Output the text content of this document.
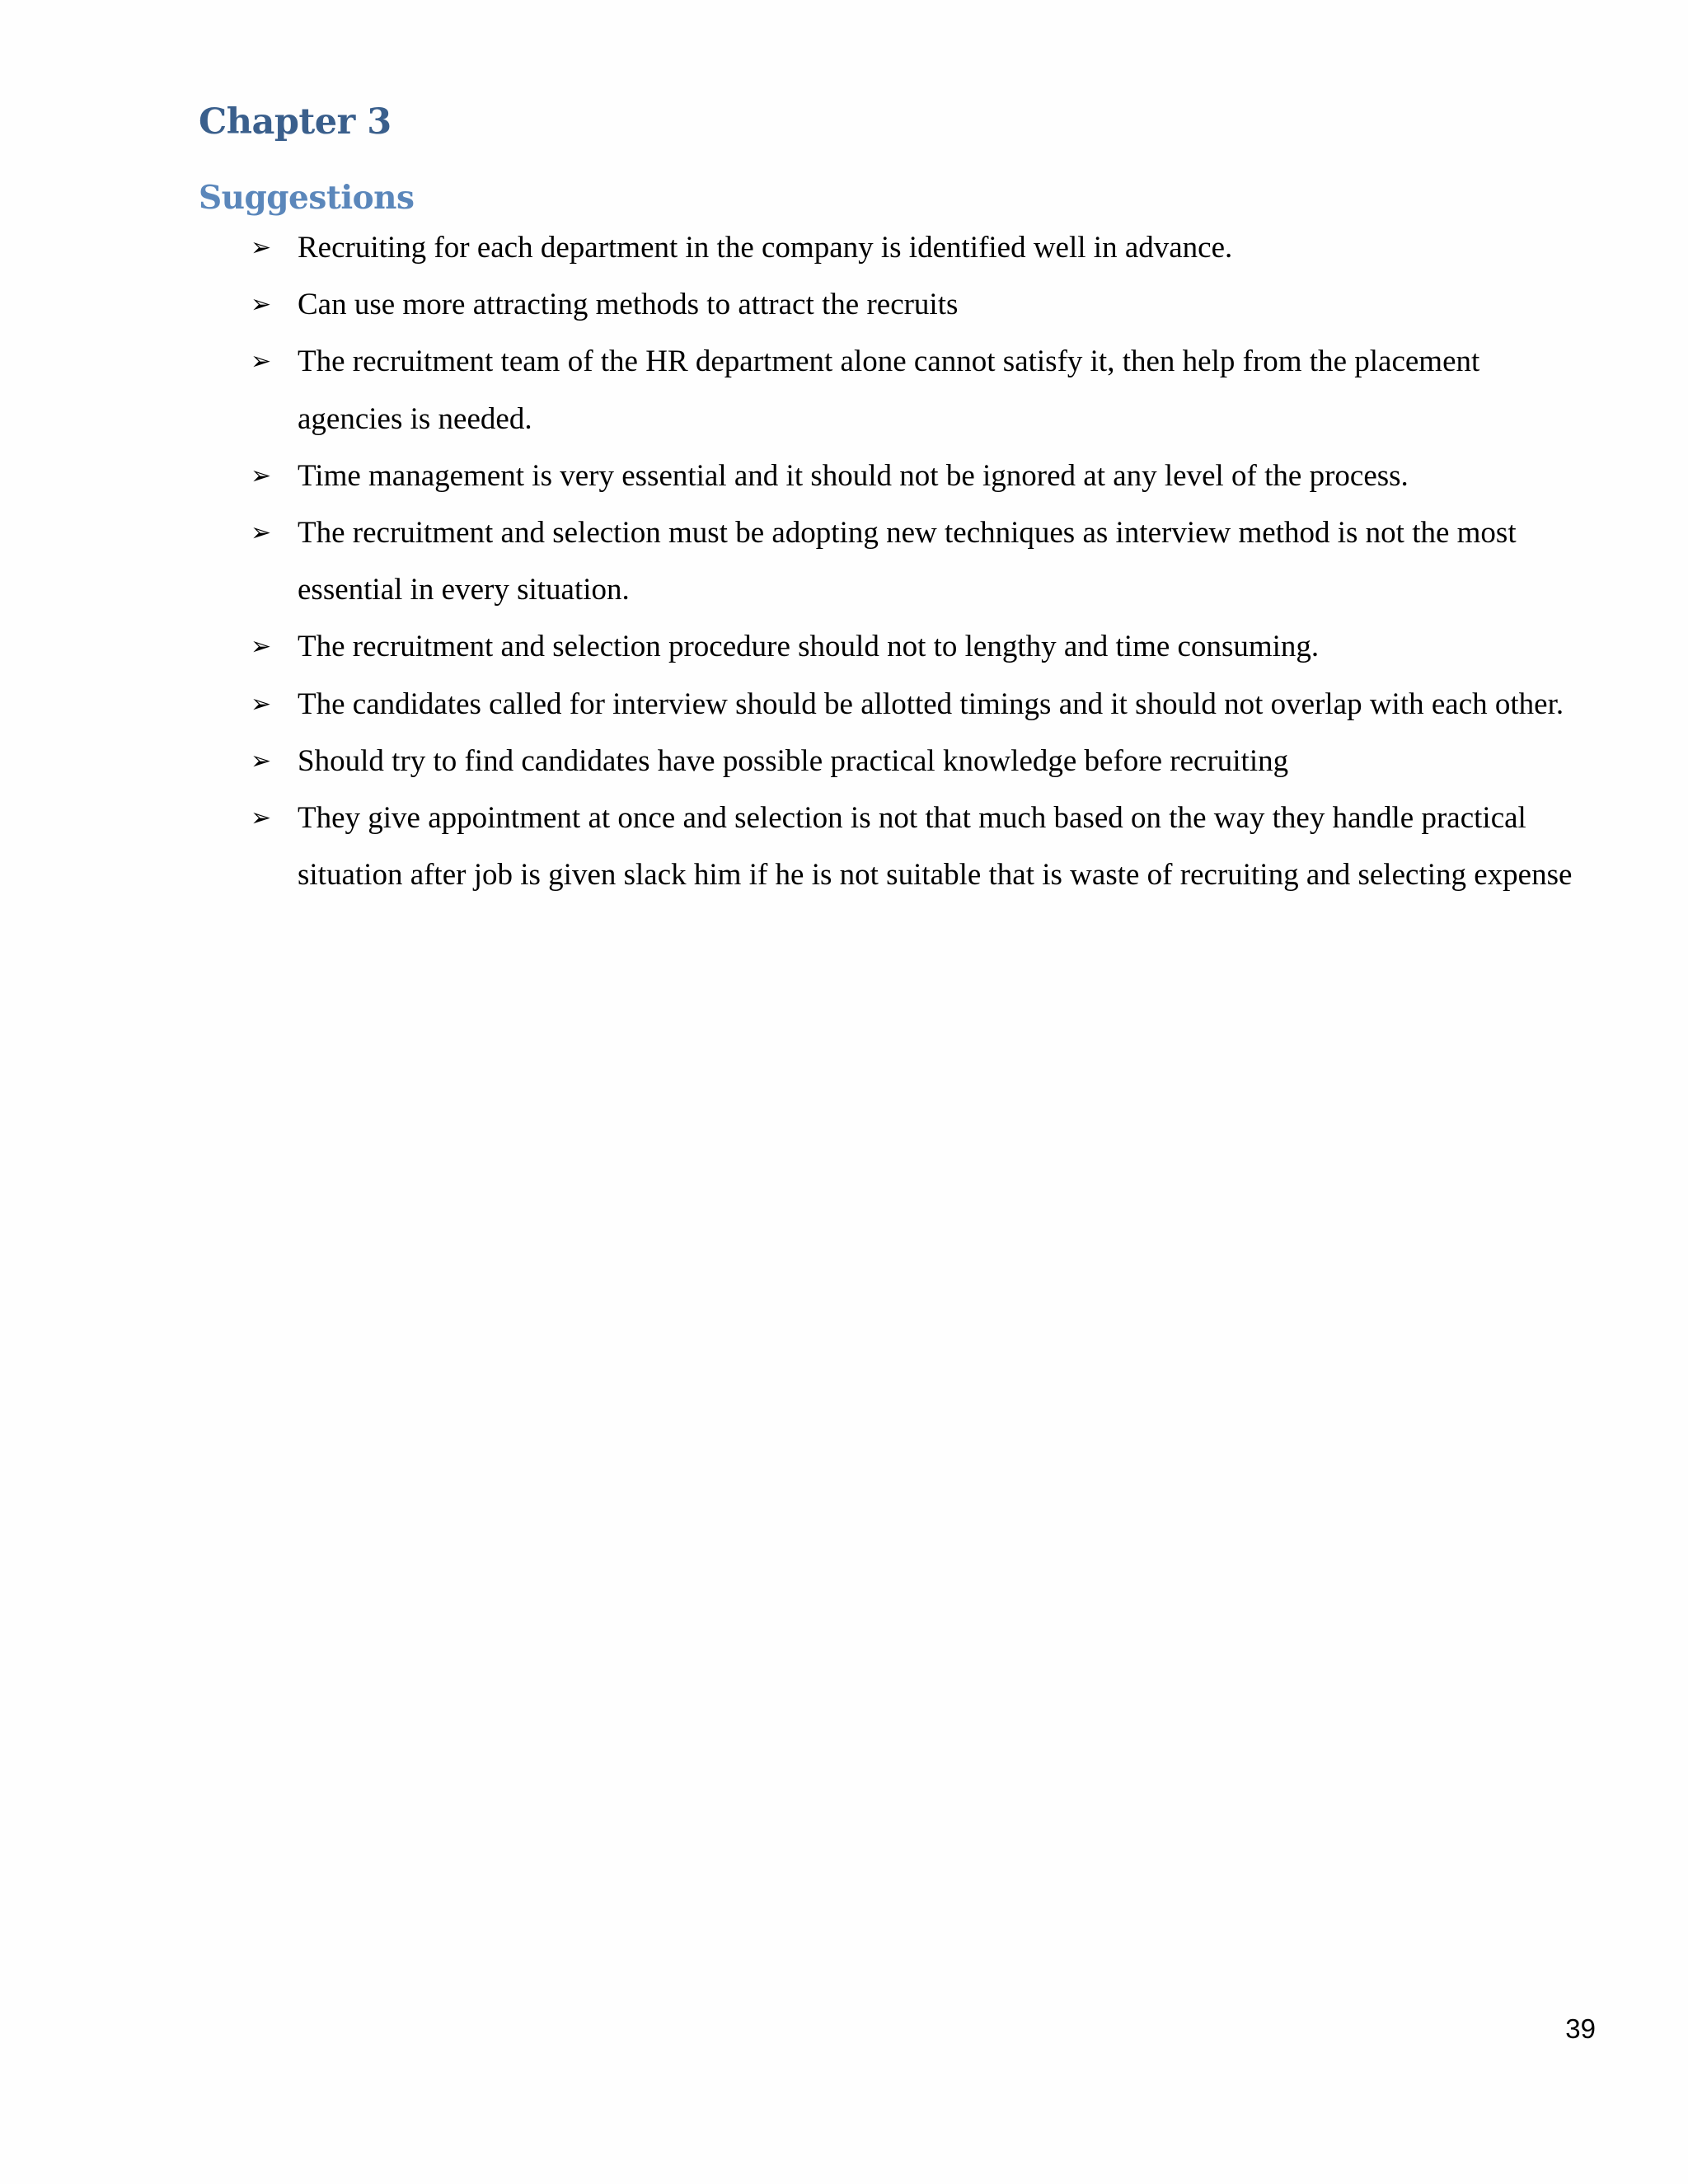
Chapter 3
Suggestions
➢ Recruiting for each department in the company is identified well in advance.
➢ Can use more attracting methods to attract the recruits
➢ The recruitment team of the HR department alone cannot satisfy it, then help from the placement agencies is needed.
➢ Time management is very essential and it should not be ignored at any level of the process.
➢ The recruitment and selection must be adopting new techniques as interview method is not the most essential in every situation.
➢ The recruitment and selection procedure should not to lengthy and time consuming.
➢ The candidates called for interview should be allotted timings and it should not overlap with each other.
➢ Should try to find candidates have possible practical knowledge before recruiting
➢ They give appointment at once and selection is not that much based on the way they handle practical situation after job is given slack him if he is not suitable that is waste of recruiting and selecting expense
39
